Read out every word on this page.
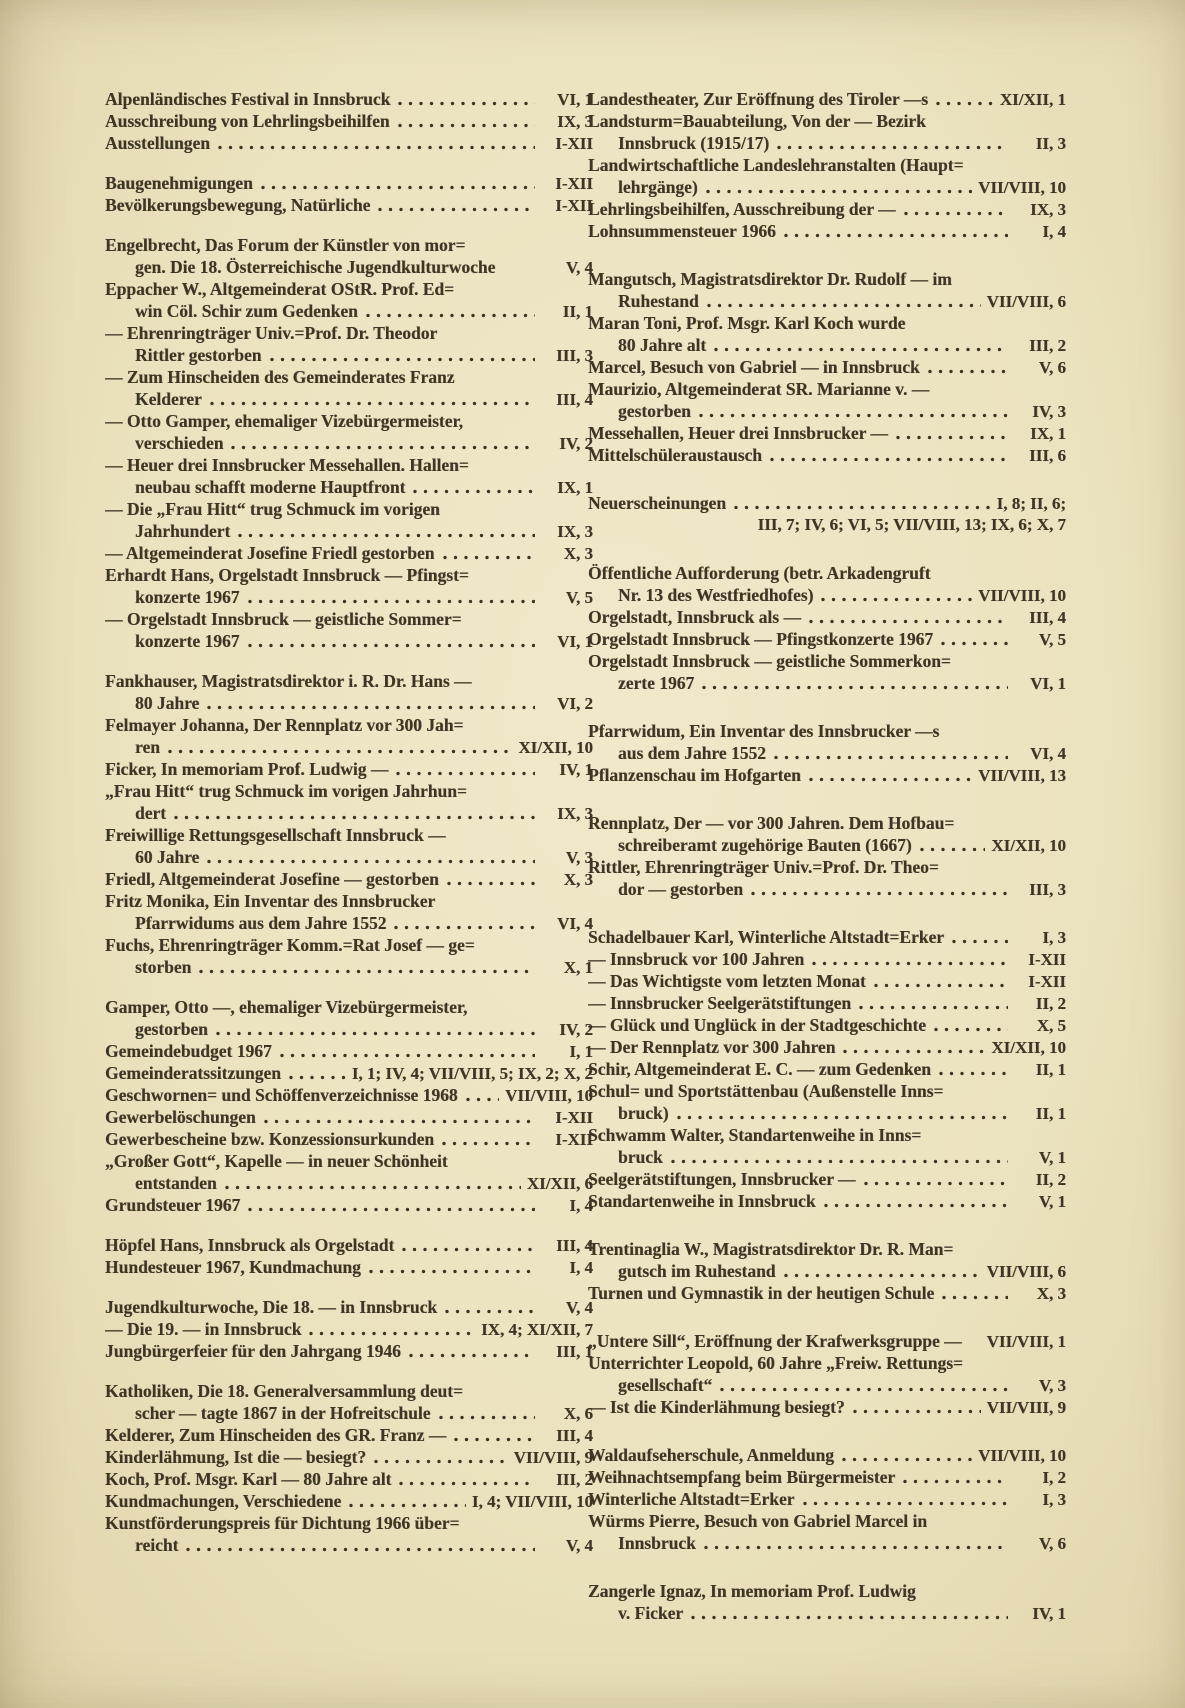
Alpenländisches Festival in Innsbruck	VI, 1
Ausschreibung von Lehrlingsbeihilfen	IX, 3
Ausstellungen	I-XII
Baugenehmigungen	I-XII
Bevölkerungsbewegung, Natürliche	I-XII
Engelbrecht, Das Forum der Künstler von mor=
gen. Die 18. Österreichische Jugendkulturwoche	V, 4
Eppacher W., Altgemeinderat OStR. Prof. Ed=
win Cöl. Schir zum Gedenken	II, 1
— Ehrenringträger Univ.=Prof. Dr. Theodor
Rittler gestorben	III, 3
— Zum Hinscheiden des Gemeinderates Franz
Kelderer	III, 4
— Otto Gamper, ehemaliger Vizebürgermeister,
verschieden	IV, 2
— Heuer drei Innsbrucker Messehallen. Hallen=
neubau schafft moderne Hauptfront	IX, 1
— Die „Frau Hitt“ trug Schmuck im vorigen
Jahrhundert	IX, 3
— Altgemeinderat Josefine Friedl gestorben	X, 3
Erhardt Hans, Orgelstadt Innsbruck — Pfingst=
konzerte 1967	V, 5
— Orgelstadt Innsbruck — geistliche Sommer=
konzerte 1967	VI, 1
Fankhauser, Magistratsdirektor i. R. Dr. Hans —
80 Jahre	VI, 2
Felmayer Johanna, Der Rennplatz vor 300 Jah=
ren	XI/XII, 10
Ficker, In memoriam Prof. Ludwig —	IV, 1
„Frau Hitt“ trug Schmuck im vorigen Jahrhun=
dert	IX, 3
Freiwillige Rettungsgesellschaft Innsbruck —
60 Jahre	V, 3
Friedl, Altgemeinderat Josefine — gestorben	X, 3
Fritz Monika, Ein Inventar des Innsbrucker
Pfarrwidums aus dem Jahre 1552	VI, 4
Fuchs, Ehrenringträger Komm.=Rat Josef — ge=
storben	X, 1
Gamper, Otto —, ehemaliger Vizebürgermeister,
gestorben	IV, 2
Gemeindebudget 1967	I, 1
Gemeinderatssitzungen	I, 1; IV, 4; VII/VIII, 5; IX, 2; X, 2
Geschwornen= und Schöffenverzeichnisse 1968	VII/VIII, 10
Gewerbelöschungen	I-XII
Gewerbescheine bzw. Konzessionsurkunden	I-XII
„Großer Gott“, Kapelle — in neuer Schönheit
entstanden	XI/XII, 6
Grundsteuer 1967	I, 4
Höpfel Hans, Innsbruck als Orgelstadt	III, 4
Hundesteuer 1967, Kundmachung	I, 4
Jugendkulturwoche, Die 18. — in Innsbruck	V, 4
— Die 19. — in Innsbruck	IX, 4; XI/XII, 7
Jungbürgerfeier für den Jahrgang 1946	III, 1
Katholiken, Die 18. Generalversammlung deut=
scher — tagte 1867 in der Hofreitschule	X, 6
Kelderer, Zum Hinscheiden des GR. Franz —	III, 4
Kinderlähmung, Ist die — besiegt?	VII/VIII, 9
Koch, Prof. Msgr. Karl — 80 Jahre alt	III, 2
Kundmachungen, Verschiedene	I, 4; VII/VIII, 10
Kunstförderungspreis für Dichtung 1966 über=
reicht	V, 4
Landestheater, Zur Eröffnung des Tiroler —s	XI/XII, 1
Landsturm=Bauabteilung, Von der — Bezirk
Innsbruck (1915/17)	II, 3
Landwirtschaftliche Landeslehranstalten (Haupt=
lehrgänge)	VII/VIII, 10
Lehrlingsbeihilfen, Ausschreibung der —	IX, 3
Lohnsummensteuer 1966	I, 4
Mangutsch, Magistratsdirektor Dr. Rudolf — im
Ruhestand	VII/VIII, 6
Maran Toni, Prof. Msgr. Karl Koch wurde
80 Jahre alt	III, 2
Marcel, Besuch von Gabriel — in Innsbruck	V, 6
Maurizio, Altgemeinderat SR. Marianne v. —
gestorben	IV, 3
Messehallen, Heuer drei Innsbrucker —	IX, 1
Mittelschüleraustausch	III, 6
Neuerscheinungen	I, 8; II, 6;
III, 7; IV, 6; VI, 5; VII/VIII, 13; IX, 6; X, 7
Öffentliche Aufforderung (betr. Arkadengruft
Nr. 13 des Westfriedhofes)	VII/VIII, 10
Orgelstadt, Innsbruck als —	III, 4
Orgelstadt Innsbruck — Pfingstkonzerte 1967	V, 5
Orgelstadt Innsbruck — geistliche Sommerkon=
zerte 1967	VI, 1
Pfarrwidum, Ein Inventar des Innsbrucker —s
aus dem Jahre 1552	VI, 4
Pflanzenschau im Hofgarten	VII/VIII, 13
Rennplatz, Der — vor 300 Jahren. Dem Hofbau=
schreiberamt zugehörige Bauten (1667)	XI/XII, 10
Rittler, Ehrenringträger Univ.=Prof. Dr. Theo=
dor — gestorben	III, 3
Schadelbauer Karl, Winterliche Altstadt=Erker	I, 3
— Innsbruck vor 100 Jahren	I-XII
— Das Wichtigste vom letzten Monat	I-XII
— Innsbrucker Seelgerätstiftungen	II, 2
— Glück und Unglück in der Stadtgeschichte	X, 5
— Der Rennplatz vor 300 Jahren	XI/XII, 10
Schir, Altgemeinderat E. C. — zum Gedenken	II, 1
Schul= und Sportstättenbau (Außenstelle Inns=
bruck)	II, 1
Schwamm Walter, Standartenweihe in Inns=
bruck	V, 1
Seelgerätstiftungen, Innsbrucker —	II, 2
Standartenweihe in Innsbruck	V, 1
Trentinaglia W., Magistratsdirektor Dr. R. Man=
gutsch im Ruhestand	VII/VIII, 6
Turnen und Gymnastik in der heutigen Schule	X, 3
„Untere Sill“, Eröffnung der Krafwerksgruppe — VII/VIII, 1
Unterrichter Leopold, 60 Jahre „Freiw. Rettungs=
gesellschaft“	V, 3
— Ist die Kinderlähmung besiegt?	VII/VIII, 9
Waldaufseherschule, Anmeldung	VII/VIII, 10
Weihnachtsempfang beim Bürgermeister	I, 2
Winterliche Altstadt=Erker	I, 3
Würms Pierre, Besuch von Gabriel Marcel in
Innsbruck	V, 6
Zangerle Ignaz, In memoriam Prof. Ludwig
v. Ficker	IV, 1
